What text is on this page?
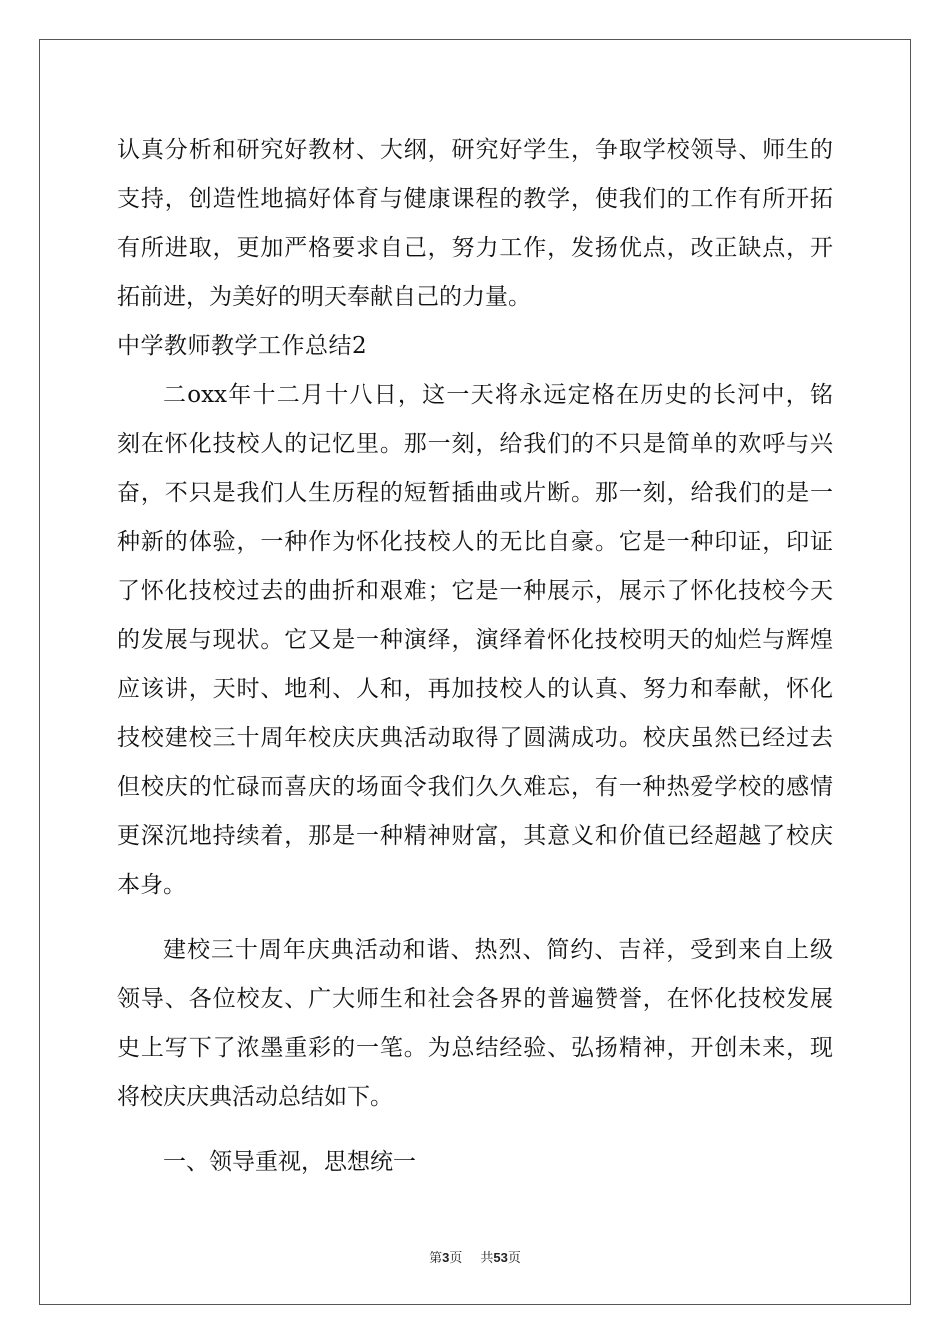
认真分析和研究好教材、大纲，研究好学生，争取学校领导、师生的
支持，创造性地搞好体育与健康课程的教学，使我们的工作有所开拓
有所进取，更加严格要求自己，努力工作，发扬优点，改正缺点，开
拓前进，为美好的明天奉献自己的力量。
中学教师教学工作总结2
二oxx年十二月十八日，这一天将永远定格在历史的长河中，铭
刻在怀化技校人的记忆里。那一刻，给我们的不只是简单的欢呼与兴
奋，不只是我们人生历程的短暂插曲或片断。那一刻，给我们的是一
种新的体验，一种作为怀化技校人的无比自豪。它是一种印证，印证
了怀化技校过去的曲折和艰难；它是一种展示，展示了怀化技校今天
的发展与现状。它又是一种演绎，演绎着怀化技校明天的灿烂与辉煌
应该讲，天时、地利、人和，再加技校人的认真、努力和奉献，怀化
技校建校三十周年校庆庆典活动取得了圆满成功。校庆虽然已经过去
但校庆的忙碌而喜庆的场面令我们久久难忘，有一种热爱学校的感情
更深沉地持续着，那是一种精神财富，其意义和价值已经超越了校庆
本身。
建校三十周年庆典活动和谐、热烈、简约、吉祥，受到来自上级
领导、各位校友、广大师生和社会各界的普遍赞誉，在怀化技校发展
史上写下了浓墨重彩的一笔。为总结经验、弘扬精神，开创未来，现
将校庆庆典活动总结如下。
一、领导重视，思想统一
第3页 共53页
